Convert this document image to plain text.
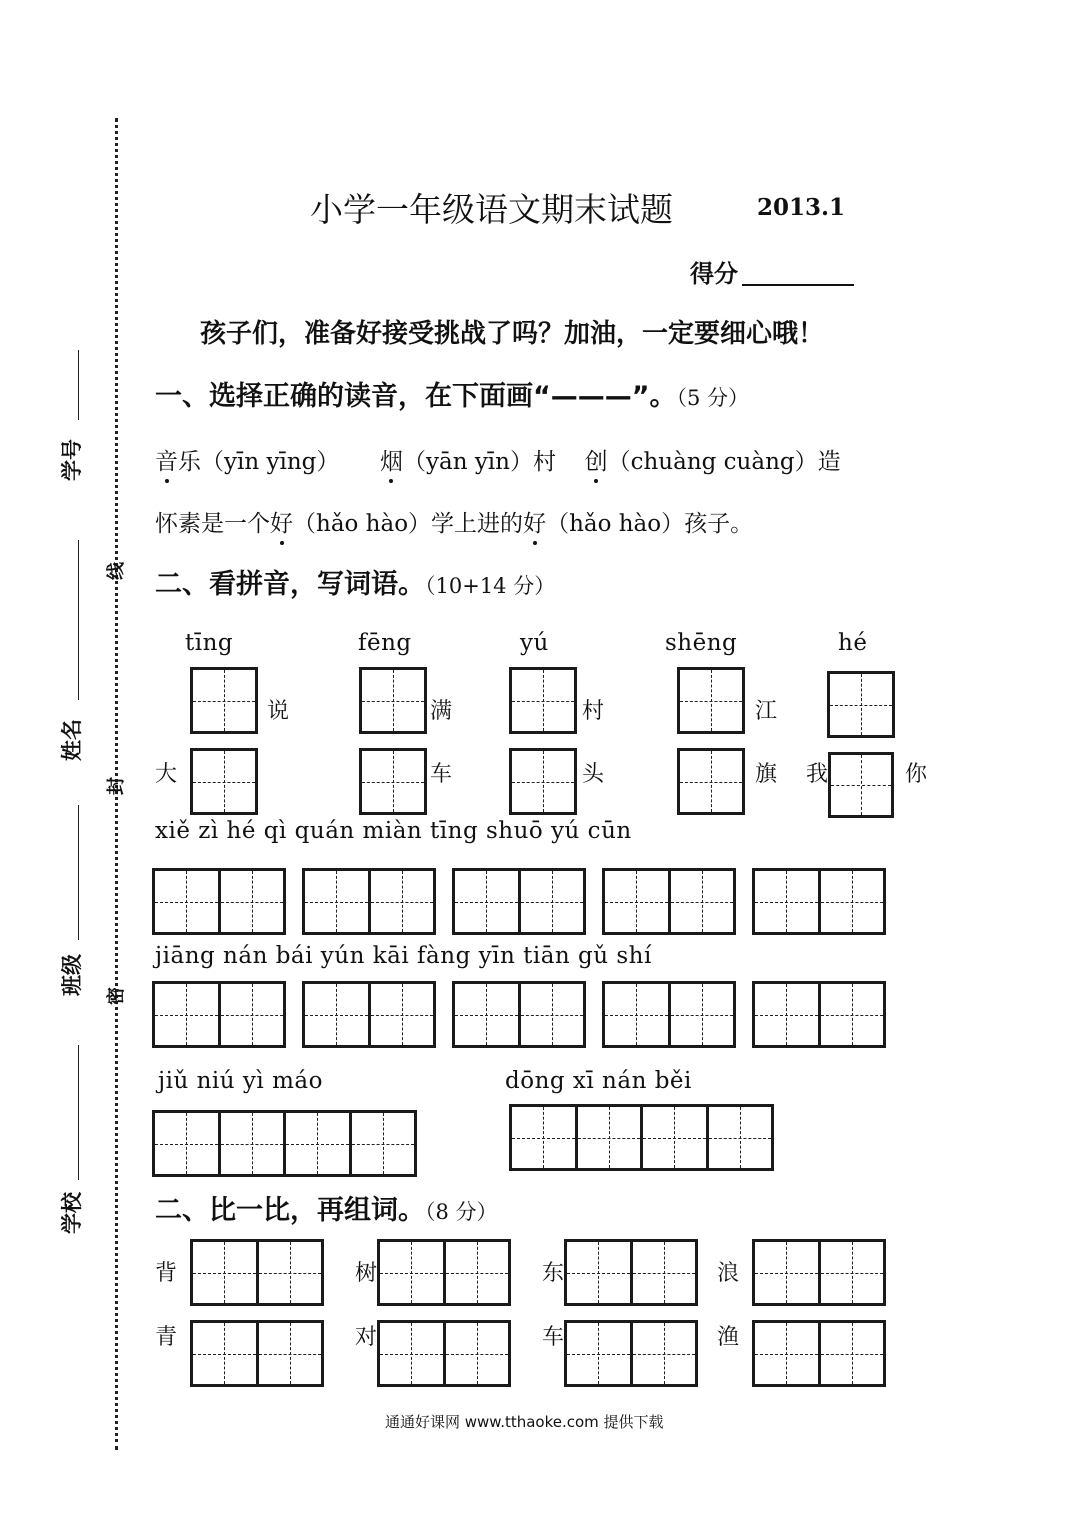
学号
姓名
班级
学校
线
封
密
小学一年级语文期末试题	2013.1
得分
孩子们，准备好接受挑战了吗？加油，一定要细心哦！
一、选择正确的读音，在下面画“———”。（5 分）
音乐（yīn yīng） 烟（yān yīn）村 创（chuàng cuàng）造
怀素是一个好（hǎo hào）学上进的好（hǎo hào）孩子。
二、看拼音，写词语。（10+14 分）
tīng	fēng	yú	shēng	hé
说	满	村	江
大	车	头	旗 我	你
xiě zì hé qì quán miàn tīng shuō yú cūn
jiāng nán bái yún kāi fàng yīn tiān gǔ shí
jiǔ niú yì máo	dōng xī nán běi
二、比一比，再组词。（8 分）
背	树	东	浪
青	对	车	渔
通通好课网 www.tthaoke.com 提供下载
